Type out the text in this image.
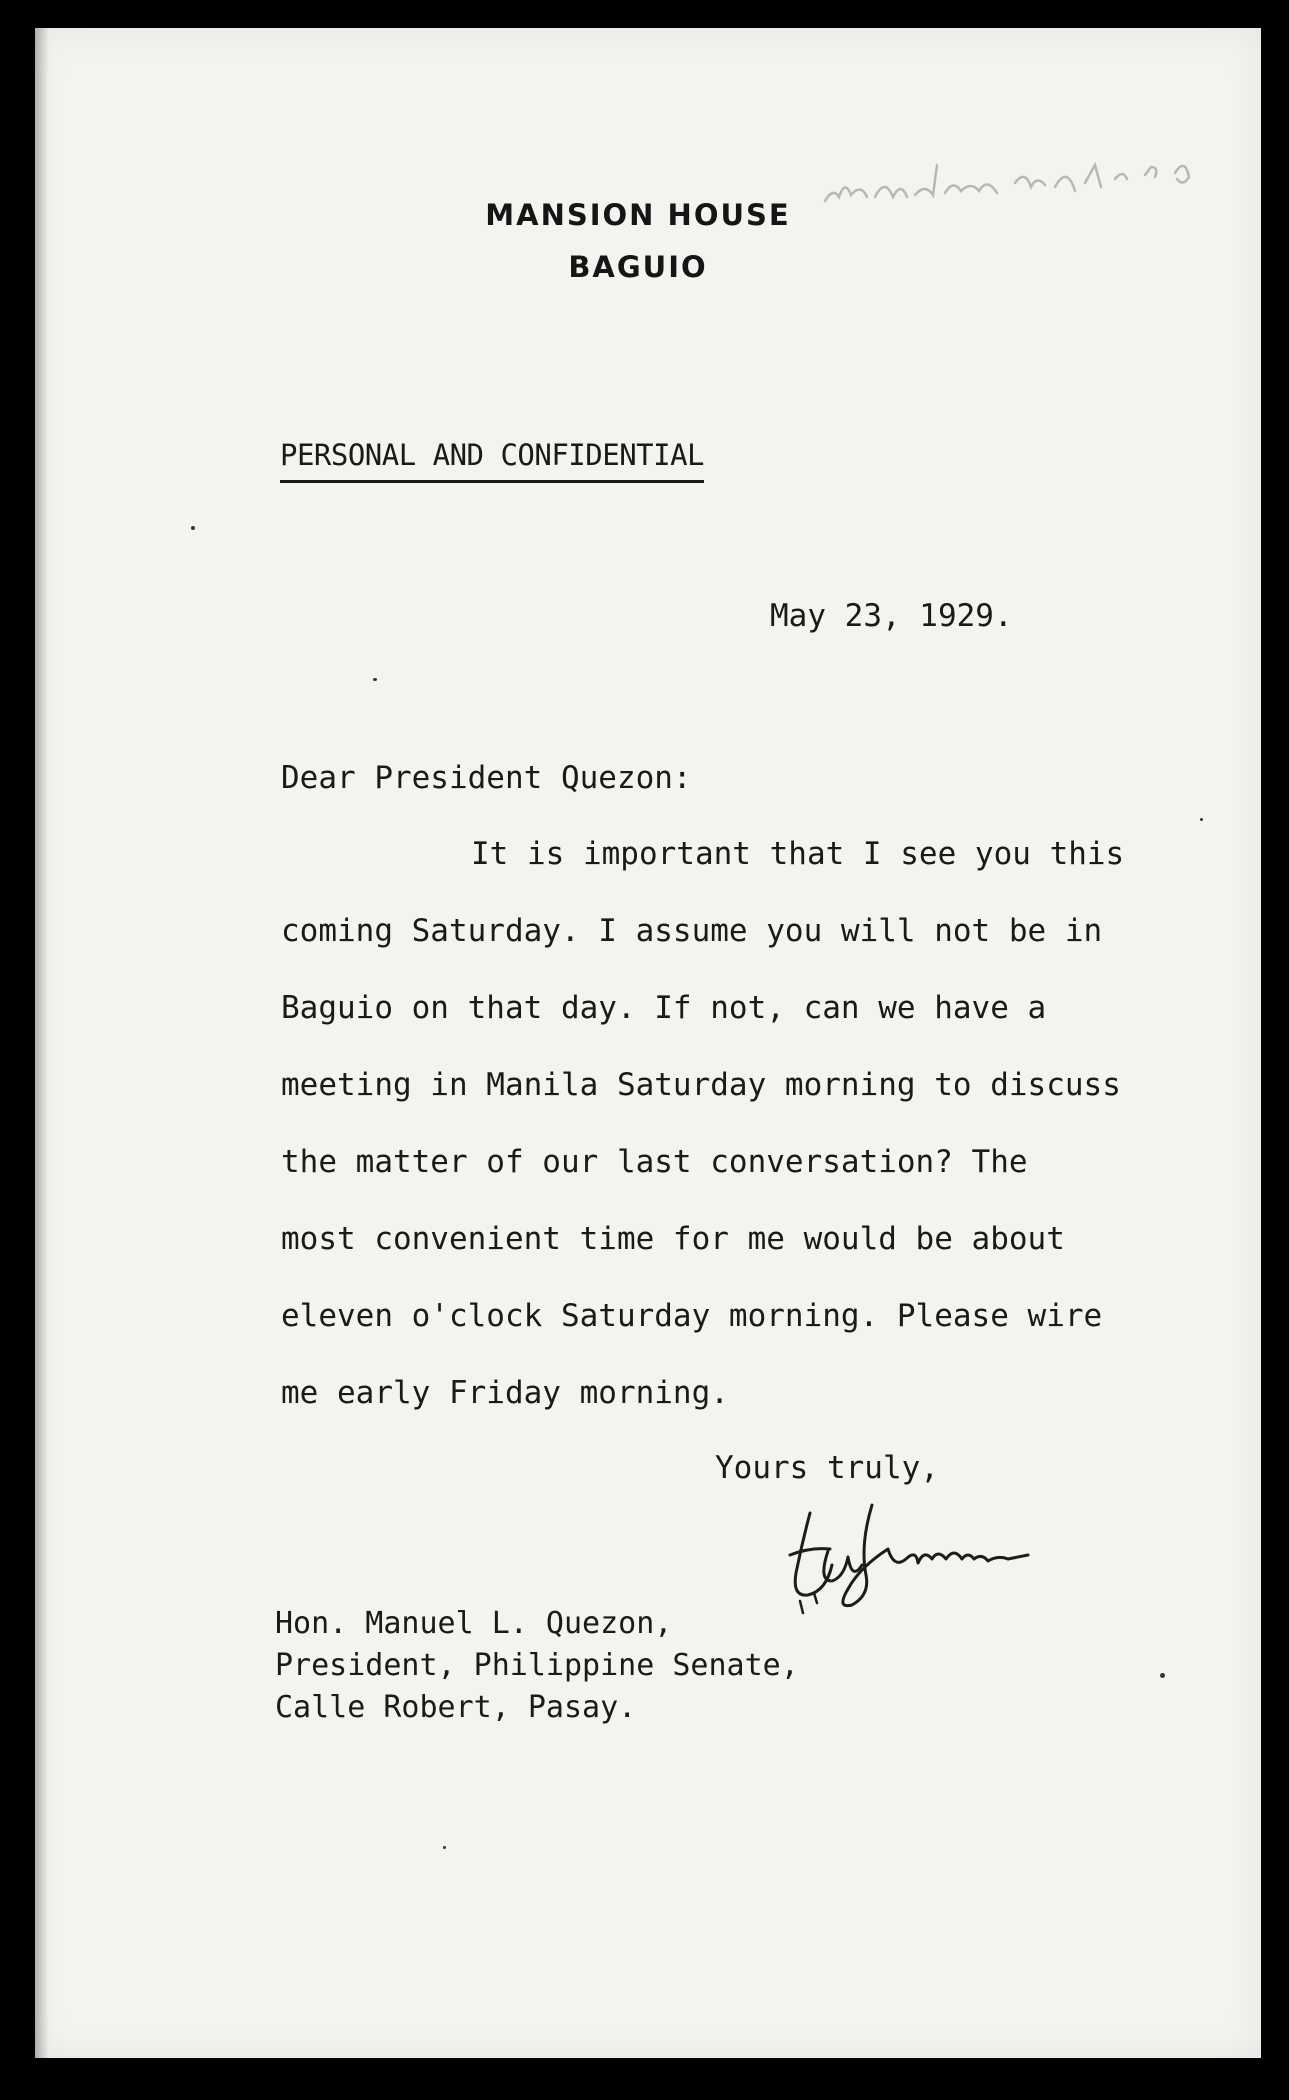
MANSION HOUSE
BAGUIO
PERSONAL AND CONFIDENTIAL
May 23, 1929.
Dear President Quezon:
It is important that I see you this
coming Saturday. I assume you will not be in
Baguio on that day. If not, can we have a
meeting in Manila Saturday morning to discuss
the matter of our last conversation? The
most convenient time for me would be about
eleven o'clock Saturday morning. Please wire
me early Friday morning.
Yours truly,
Hon. Manuel L. Quezon,
President, Philippine Senate,
Calle Robert, Pasay.
